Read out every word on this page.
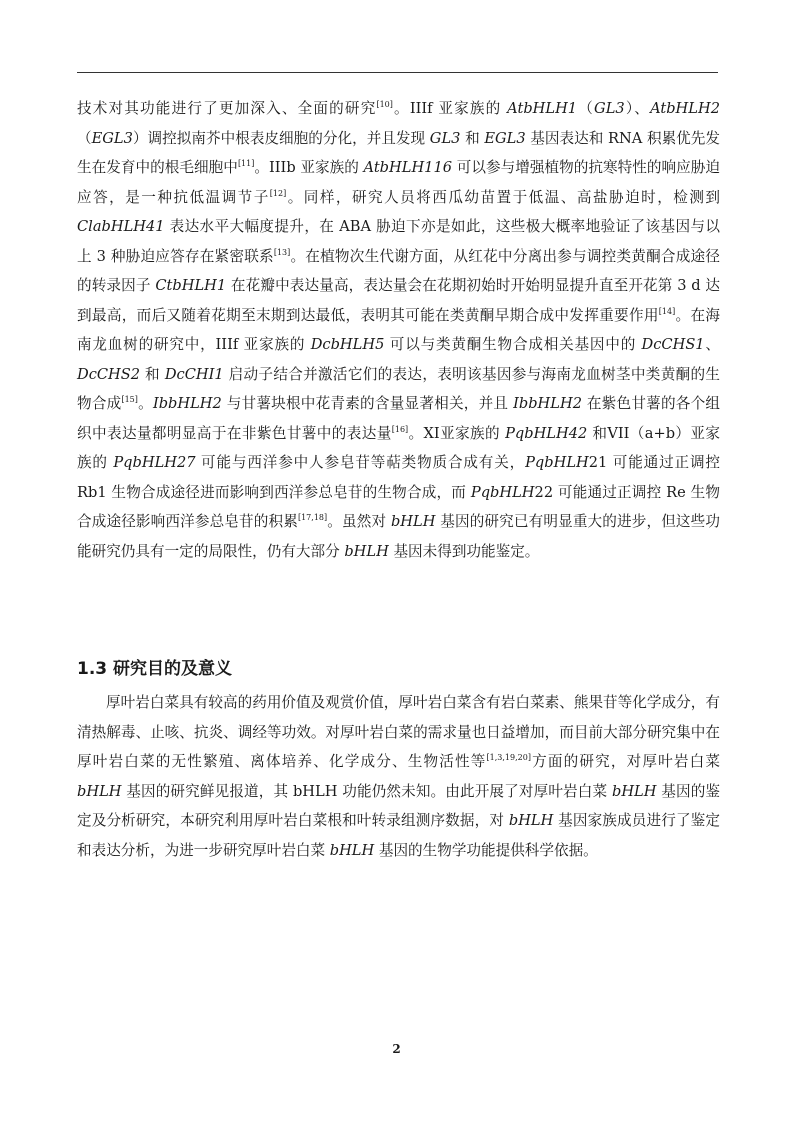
技术对其功能进行了更加深入、全面的研究[10]。IIIf 亚家族的 AtbHLH1（GL3）、AtbHLH2（EGL3）调控拟南芥中根表皮细胞的分化，并且发现 GL3 和 EGL3 基因表达和 RNA 积累优先发生在发育中的根毛细胞中[11]。IIIb 亚家族的 AtbHLH116 可以参与增强植物的抗寒特性的响应胁迫应答，是一种抗低温调节子[12]。同样，研究人员将西瓜幼苗置于低温、高盐胁迫时，检测到 ClabHLH41 表达水平大幅度提升，在 ABA 胁迫下亦是如此，这些极大概率地验证了该基因与以上 3 种胁迫应答存在紧密联系[13]。在植物次生代谢方面，从红花中分离出参与调控类黄酮合成途径的转录因子 CtbHLH1 在花瓣中表达量高，表达量会在花期初始时开始明显提升直至开花第 3 d 达到最高，而后又随着花期至末期到达最低，表明其可能在类黄酮早期合成中发挥重要作用[14]。在海南龙血树的研究中，IIIf 亚家族的 DcbHLH5 可以与类黄酮生物合成相关基因中的 DcCHS1、DcCHS2 和 DcCHI1 启动子结合并激活它们的表达，表明该基因参与海南龙血树茎中类黄酮的生物合成[15]。IbbHLH2 与甘薯块根中花青素的含量显著相关，并且 IbbHLH2 在紫色甘薯的各个组织中表达量都明显高于在非紫色甘薯中的表达量[16]。XI亚家族的 PqbHLH42 和VII（a+b）亚家族的 PqbHLH27 可能与西洋参中人参皂苷等萜类物质合成有关，PqbHLH21 可能通过正调控 Rb1 生物合成途径进而影响到西洋参总皂苷的生物合成，而 PqbHLH22 可能通过正调控 Re 生物合成途径影响西洋参总皂苷的积累[17,18]。虽然对 bHLH 基因的研究已有明显重大的进步，但这些功能研究仍具有一定的局限性，仍有大部分 bHLH 基因未得到功能鉴定。
1.3 研究目的及意义
厚叶岩白菜具有较高的药用价值及观赏价值，厚叶岩白菜含有岩白菜素、熊果苷等化学成分，有清热解毒、止咳、抗炎、调经等功效。对厚叶岩白菜的需求量也日益增加，而目前大部分研究集中在厚叶岩白菜的无性繁殖、离体培养、化学成分、生物活性等[1,3,19,20]方面的研究，对厚叶岩白菜 bHLH 基因的研究鲜见报道，其 bHLH 功能仍然未知。由此开展了对厚叶岩白菜 bHLH 基因的鉴定及分析研究，本研究利用厚叶岩白菜根和叶转录组测序数据，对 bHLH 基因家族成员进行了鉴定和表达分析，为进一步研究厚叶岩白菜 bHLH 基因的生物学功能提供科学依据。
2
